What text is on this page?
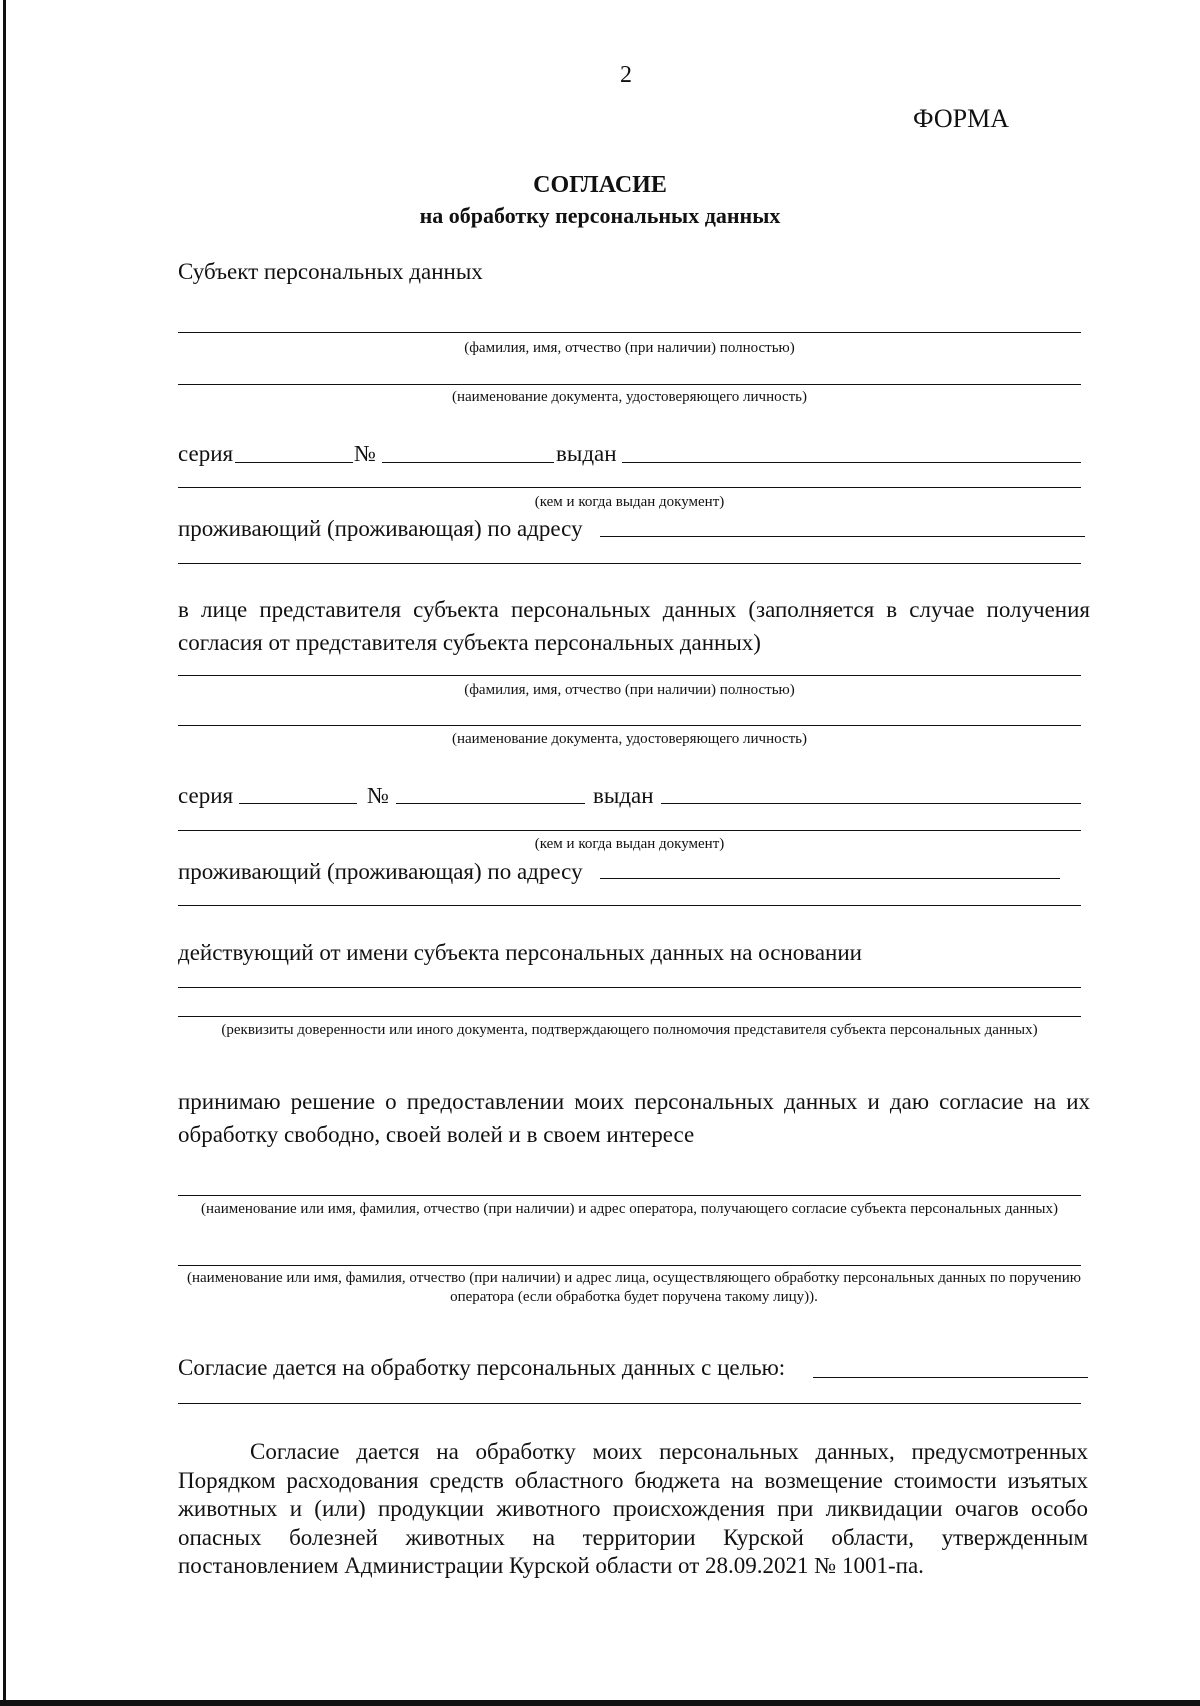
2
ФОРМА
СОГЛАСИЕ
на обработку персональных данных
Субъект персональных данных
(фамилия, имя, отчество (при наличии) полностью)
(наименование документа, удостоверяющего личность)
серия	№	выдан
(кем и когда выдан документ)
проживающий (проживающая) по адресу
в лице представителя субъекта персональных данных (заполняется в случае получения согласия от представителя субъекта персональных данных)
(фамилия, имя, отчество (при наличии) полностью)
(наименование документа, удостоверяющего личность)
серия	№	выдан
(кем и когда выдан документ)
проживающий (проживающая) по адресу
действующий от имени субъекта персональных данных на основании
(реквизиты доверенности или иного документа, подтверждающего полномочия представителя субъекта персональных данных)
принимаю решение о предоставлении моих персональных данных и даю согласие на их обработку свободно, своей волей и в своем интересе
(наименование или имя, фамилия, отчество (при наличии) и адрес оператора, получающего согласие субъекта персональных данных)
(наименование или имя, фамилия, отчество (при наличии) и адрес лица, осуществляющего обработку персональных данных по поручению оператора (если обработка будет поручена такому лицу)).
Согласие дается на обработку персональных данных с целью:
Согласие дается на обработку моих персональных данных, предусмотренных Порядком расходования средств областного бюджета на возмещение стоимости изъятых животных и (или) продукции животного происхождения при ликвидации очагов особо опасных болезней животных на территории Курской области, утвержденным постановлением Администрации Курской области от 28.09.2021 № 1001-па.
